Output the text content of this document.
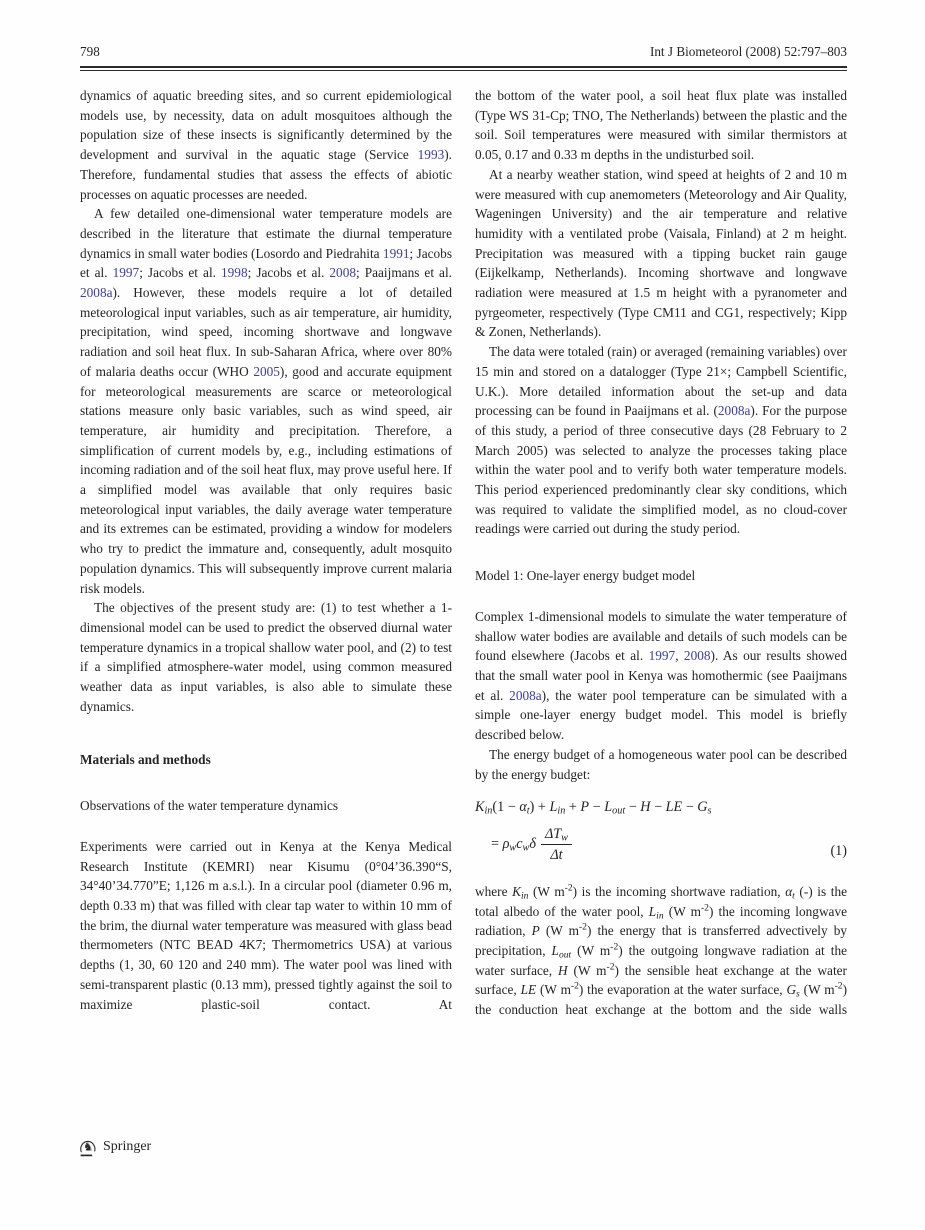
798	Int J Biometeorol (2008) 52:797–803

dynamics of aquatic breeding sites, and so current epidemiological models use, by necessity, data on adult mosquitoes although the population size of these insects is significantly determined by the development and survival in the aquatic stage (Service 1993). Therefore, fundamental studies that assess the effects of abiotic processes on aquatic processes are needed.

A few detailed one-dimensional water temperature models are described in the literature that estimate the diurnal temperature dynamics in small water bodies (Losordo and Piedrahita 1991; Jacobs et al. 1997; Jacobs et al. 1998; Jacobs et al. 2008; Paaijmans et al. 2008a). However, these models require a lot of detailed meteorological input variables, such as air temperature, air humidity, precipitation, wind speed, incoming shortwave and longwave radiation and soil heat flux. In sub-Saharan Africa, where over 80% of malaria deaths occur (WHO 2005), good and accurate equipment for meteorological measurements are scarce or meteorological stations measure only basic variables, such as wind speed, air temperature, air humidity and precipitation. Therefore, a simplification of current models by, e.g., including estimations of incoming radiation and of the soil heat flux, may prove useful here. If a simplified model was available that only requires basic meteorological input variables, the daily average water temperature and its extremes can be estimated, providing a window for modelers who try to predict the immature and, consequently, adult mosquito population dynamics. This will subsequently improve current malaria risk models.

The objectives of the present study are: (1) to test whether a 1-dimensional model can be used to predict the observed diurnal water temperature dynamics in a tropical shallow water pool, and (2) to test if a simplified atmosphere-water model, using common measured weather data as input variables, is also able to simulate these dynamics.

Materials and methods
Observations of the water temperature dynamics

Experiments were carried out in Kenya at the Kenya Medical Research Institute (KEMRI) near Kisumu (0°04’36.390“S, 34°40’34.770”E; 1,126 m a.s.l.). In a circular pool (diameter 0.96 m, depth 0.33 m) that was filled with clear tap water to within 10 mm of the brim, the diurnal water temperature was measured with glass bead thermometers (NTC BEAD 4K7; Thermometrics USA) at various depths (1, 30, 60 120 and 240 mm). The water pool was lined with semi-transparent plastic (0.13 mm), pressed tightly against the soil to maximize plastic-soil contact. At

the bottom of the water pool, a soil heat flux plate was installed (Type WS 31-Cp; TNO, The Netherlands) between the plastic and the soil. Soil temperatures were measured with similar thermistors at 0.05, 0.17 and 0.33 m depths in the undisturbed soil.

At a nearby weather station, wind speed at heights of 2 and 10 m were measured with cup anemometers (Meteorology and Air Quality, Wageningen University) and the air temperature and relative humidity with a ventilated probe (Vaisala, Finland) at 2 m height. Precipitation was measured with a tipping bucket rain gauge (Eijkelkamp, Netherlands). Incoming shortwave and longwave radiation were measured at 1.5 m height with a pyranometer and pyrgeometer, respectively (Type CM11 and CG1, respectively; Kipp & Zonen, Netherlands).

The data were totaled (rain) or averaged (remaining variables) over 15 min and stored on a datalogger (Type 21×; Campbell Scientific, U.K.). More detailed information about the set-up and data processing can be found in Paaijmans et al. (2008a). For the purpose of this study, a period of three consecutive days (28 February to 2 March 2005) was selected to analyze the processes taking place within the water pool and to verify both water temperature models. This period experienced predominantly clear sky conditions, which was required to validate the simplified model, as no cloud-cover readings were carried out during the study period.

Model 1: One-layer energy budget model

Complex 1-dimensional models to simulate the water temperature of shallow water bodies are available and details of such models can be found elsewhere (Jacobs et al. 1997, 2008). As our results showed that the small water pool in Kenya was homothermic (see Paaijmans et al. 2008a), the water pool temperature can be simulated with a simple one-layer energy budget model. This model is briefly described below.

The energy budget of a homogeneous water pool can be described by the energy budget:

$K_{in}(1 - \alpha_t) + L_{in} + P - L_{out} - H$ − LE − $G_s$
= $\rho_wc_w\delta \frac{\Delta T_w}{\Delta t}$	(1)

where $K_{in}$ (W $m^{-2}$) is the incoming shortwave radiation, $\alpha_t$ (-) is the total albedo of the water pool, $L_{in}$ (W $m^{-2}$) the incoming longwave radiation, P (W $m^{-2}$) the energy that is transferred advectively by precipitation, $L_{out}$ (W $m^{-2}$) the outgoing longwave radiation at the water surface, H (W $m^{-2}$) the sensible heat exchange at the water surface, LE (W $m^{-2}$) the evaporation at the water surface, $G_s$ (W $m^{-2}$) the conduction heat exchange at the bottom and the side walls

♞ Springer
